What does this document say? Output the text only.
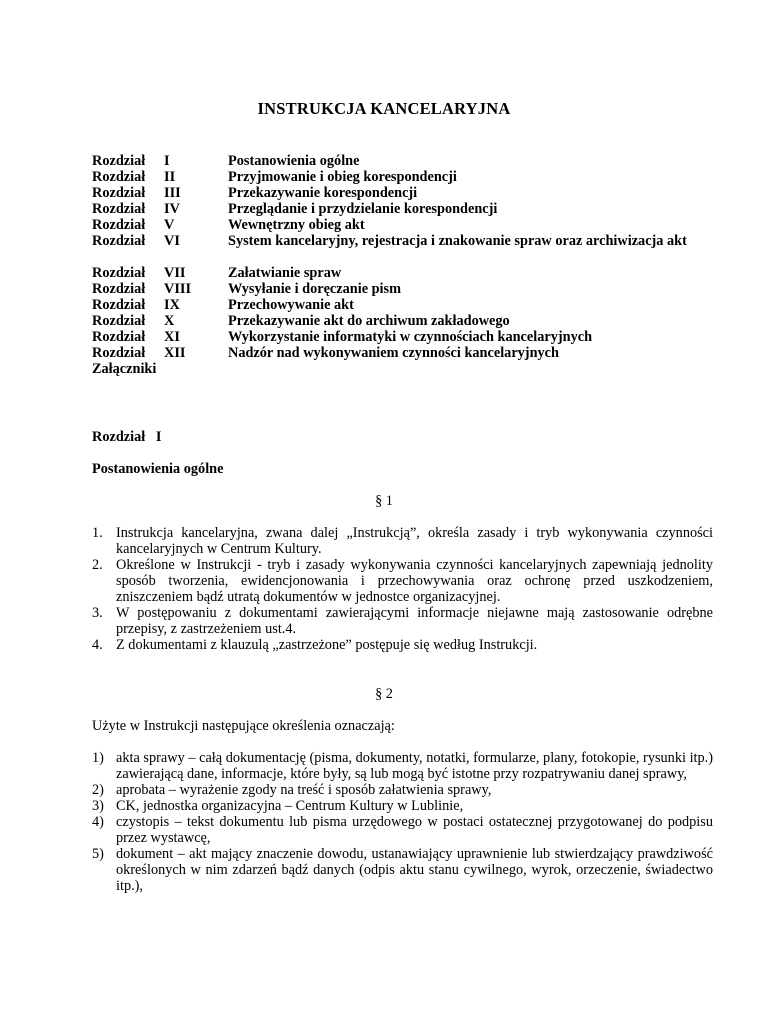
INSTRUKCJA KANCELARYJNA
Rozdział	I	Postanowienia ogólne
Rozdział	II	Przyjmowanie i obieg korespondencji
Rozdział	III	Przekazywanie korespondencji
Rozdział	IV	Przeglądanie i przydzielanie korespondencji
Rozdział	V	Wewnętrzny obieg akt
Rozdział	VI	System kancelaryjny, rejestracja i znakowanie spraw oraz archiwizacja akt
Rozdział	VII	Załatwianie spraw
Rozdział	VIII	Wysyłanie i doręczanie pism
Rozdział	IX	Przechowywanie akt
Rozdział	X	Przekazywanie akt do archiwum zakładowego
Rozdział	XI	Wykorzystanie informatyki w czynnościach kancelaryjnych
Rozdział	XII	Nadzór nad wykonywaniem czynności kancelaryjnych
Załączniki
Rozdział   I
Postanowienia ogólne
§ 1
1. Instrukcja kancelaryjna, zwana dalej „Instrukcją”, określa zasady i tryb wykonywania czynności kancelaryjnych w Centrum Kultury.
2. Określone w Instrukcji - tryb i zasady wykonywania czynności kancelaryjnych zapewniają jednolity sposób tworzenia, ewidencjonowania i przechowywania oraz ochronę przed uszkodzeniem, zniszczeniem bądź utratą dokumentów w jednostce organizacyjnej.
3. W postępowaniu z dokumentami zawierającymi informacje niejawne mają zastosowanie odrębne przepisy, z zastrzeżeniem ust.4.
4. Z dokumentami z klauzulą „zastrzeżone” postępuje się według Instrukcji.
§ 2
Użyte w Instrukcji następujące określenia oznaczają:
1) akta sprawy – całą dokumentację (pisma, dokumenty, notatki, formularze, plany, fotokopie, rysunki itp.) zawierającą dane, informacje, które były, są lub mogą być istotne przy rozpatrywaniu danej sprawy,
2) aprobata – wyrażenie zgody na treść i sposób załatwienia sprawy,
3) CK, jednostka organizacyjna – Centrum Kultury w Lublinie,
4) czystopis – tekst dokumentu lub pisma urzędowego w postaci ostatecznej przygotowanej do podpisu przez wystawcę,
5) dokument – akt mający znaczenie dowodu, ustanawiający uprawnienie lub stwierdzający prawdziwość określonych w nim zdarzeń bądź danych (odpis aktu stanu cywilnego, wyrok, orzeczenie, świadectwo itp.),
